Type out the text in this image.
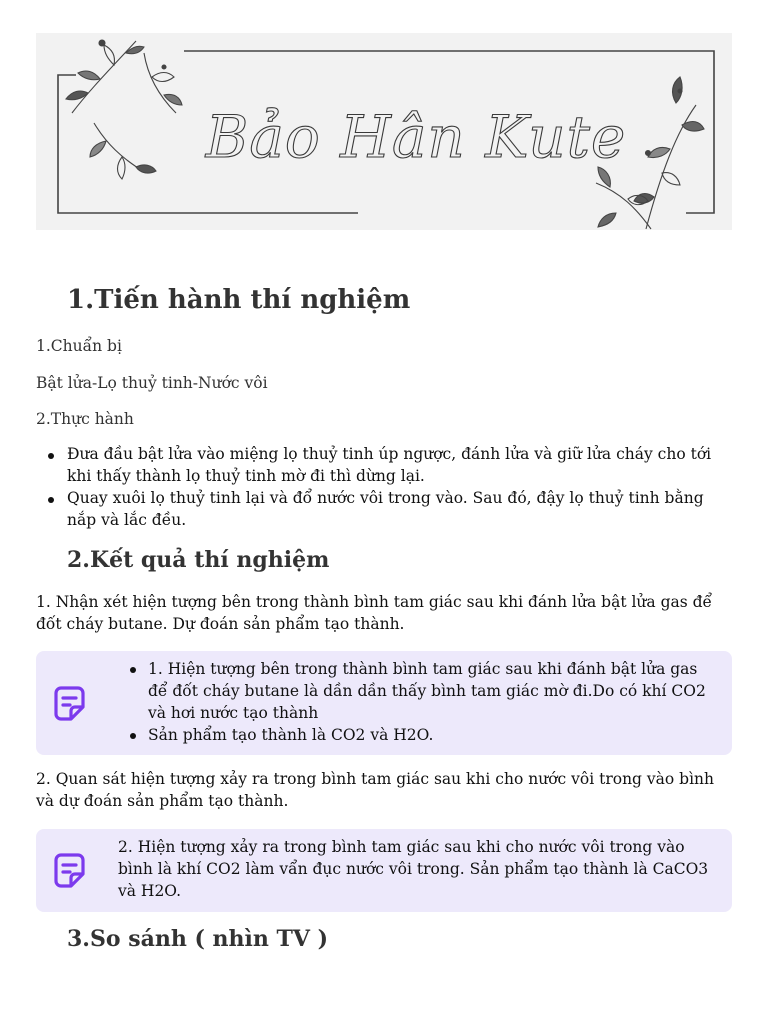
Bảo Hân Kute
1.Tiến hành thí nghiệm

1.Chuẩn bị

Bật lửa-Lọ thuỷ tinh-Nước vôi

2.Thực hành

Đưa đầu bật lửa vào miệng lọ thuỷ tinh úp ngược, đánh lửa và giữ lửa cháy cho tới khi thấy thành lọ thuỷ tinh mờ đi thì dừng lại.
Quay xuôi lọ thuỷ tinh lại và đổ nước vôi trong vào. Sau đó, đậy lọ thuỷ tinh bằng nắp và lắc đều.
2.Kết quả thí nghiệm

1. Nhận xét hiện tượng bên trong thành bình tam giác sau khi đánh lửa bật lửa gas để đốt cháy butane. Dự đoán sản phẩm tạo thành.

1. Hiện tượng bên trong thành bình tam giác sau khi đánh bật lửa gas để đốt cháy butane là dần dần thấy bình tam giác mờ đi.Do có khí CO2 và hơi nước tạo thành
Sản phẩm tạo thành là CO2 và H2O.

2. Quan sát hiện tượng xảy ra trong bình tam giác sau khi cho nước vôi trong vào bình và dự đoán sản phẩm tạo thành.

2. Hiện tượng xảy ra trong bình tam giác sau khi cho nước vôi trong vào bình là khí CO2 làm vẩn đục nước vôi trong. Sản phẩm tạo thành là CaCO3 và H2O.

3.So sánh ( nhìn TV )
